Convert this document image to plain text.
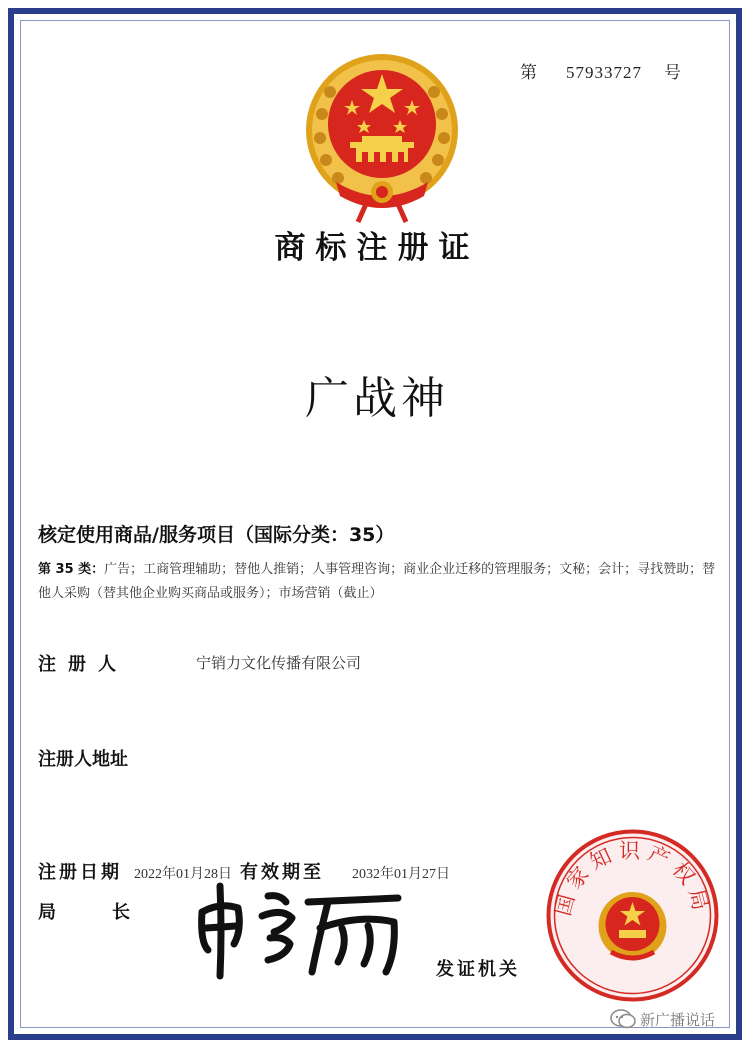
第 57933727 号
商标注册证
广战神
核定使用商品/服务项目（国际分类：35）
第 35 类：广告；工商管理辅助；替他人推销；人事管理咨询；商业企业迁移的管理服务；文秘；会计；寻找赞助；替他人采购（替其他企业购买商品或服务）；市场营销（截止）
注册人	宁销力文化传播有限公司
注册人地址
注册日期 2022年01月28日 有效期至 2032年01月27日
局长
发证机关
国家知识产权局
新广播说话
